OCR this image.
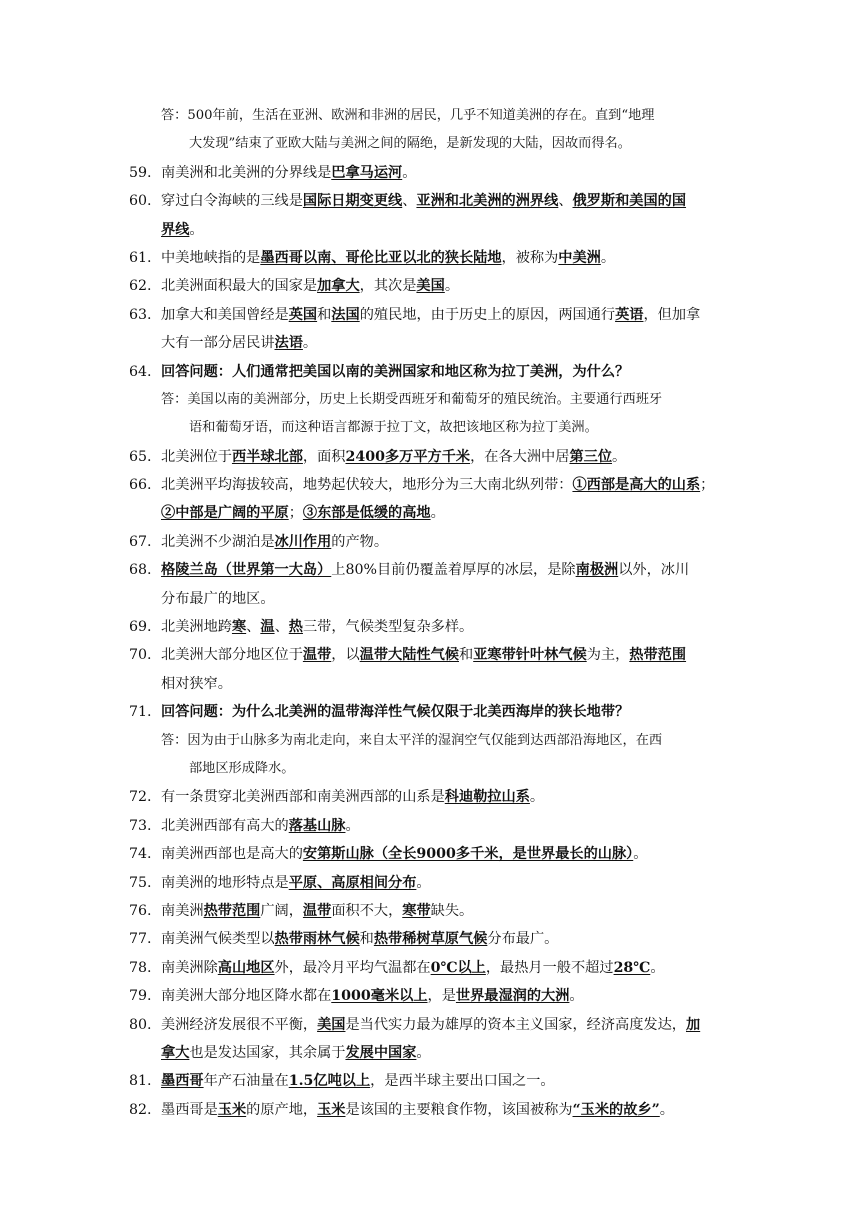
答：500年前，生活在亚洲、欧洲和非洲的居民，几乎不知道美洲的存在。直到“地理
大发现”结束了亚欧大陆与美洲之间的隔绝，是新发现的大陆，因故而得名。
59. 南美洲和北美洲的分界线是巴拿马运河。
60. 穿过白令海峡的三线是国际日期变更线、亚洲和北美洲的洲界线、俄罗斯和美国的国
界线。
61. 中美地峡指的是墨西哥以南、哥伦比亚以北的狭长陆地，被称为中美洲。
62. 北美洲面积最大的国家是加拿大，其次是美国。
63. 加拿大和美国曾经是英国和法国的殖民地，由于历史上的原因，两国通行英语，但加拿
大有一部分居民讲法语。
64. 回答问题：人们通常把美国以南的美洲国家和地区称为拉丁美洲，为什么？
答：美国以南的美洲部分，历史上长期受西班牙和葡萄牙的殖民统治。主要通行西班牙
语和葡萄牙语，而这种语言都源于拉丁文，故把该地区称为拉丁美洲。
65. 北美洲位于西半球北部，面积2400多万平方千米，在各大洲中居第三位。
66. 北美洲平均海拔较高，地势起伏较大，地形分为三大南北纵列带：①西部是高大的山系；
②中部是广阔的平原；③东部是低缓的高地。
67. 北美洲不少湖泊是冰川作用的产物。
68. 格陵兰岛（世界第一大岛）上80%目前仍覆盖着厚厚的冰层，是除南极洲以外，冰川
分布最广的地区。
69. 北美洲地跨寒、温、热三带，气候类型复杂多样。
70. 北美洲大部分地区位于温带，以温带大陆性气候和亚寒带针叶林气候为主，热带范围
相对狭窄。
71. 回答问题：为什么北美洲的温带海洋性气候仅限于北美西海岸的狭长地带？
答：因为由于山脉多为南北走向，来自太平洋的湿润空气仅能到达西部沿海地区，在西
部地区形成降水。
72. 有一条贯穿北美洲西部和南美洲西部的山系是科迪勒拉山系。
73. 北美洲西部有高大的落基山脉。
74. 南美洲西部也是高大的安第斯山脉（全长9000多千米，是世界最长的山脉）。
75. 南美洲的地形特点是平原、高原相间分布。
76. 南美洲热带范围广阔，温带面积不大，寒带缺失。
77. 南美洲气候类型以热带雨林气候和热带稀树草原气候分布最广。
78. 南美洲除高山地区外，最冷月平均气温都在0℃以上，最热月一般不超过28℃。
79. 南美洲大部分地区降水都在1000毫米以上，是世界最湿润的大洲。
80. 美洲经济发展很不平衡，美国是当代实力最为雄厚的资本主义国家，经济高度发达，加
拿大也是发达国家，其余属于发展中国家。
81. 墨西哥年产石油量在1.5亿吨以上，是西半球主要出口国之一。
82. 墨西哥是玉米的原产地，玉米是该国的主要粮食作物，该国被称为“玉米的故乡”。
